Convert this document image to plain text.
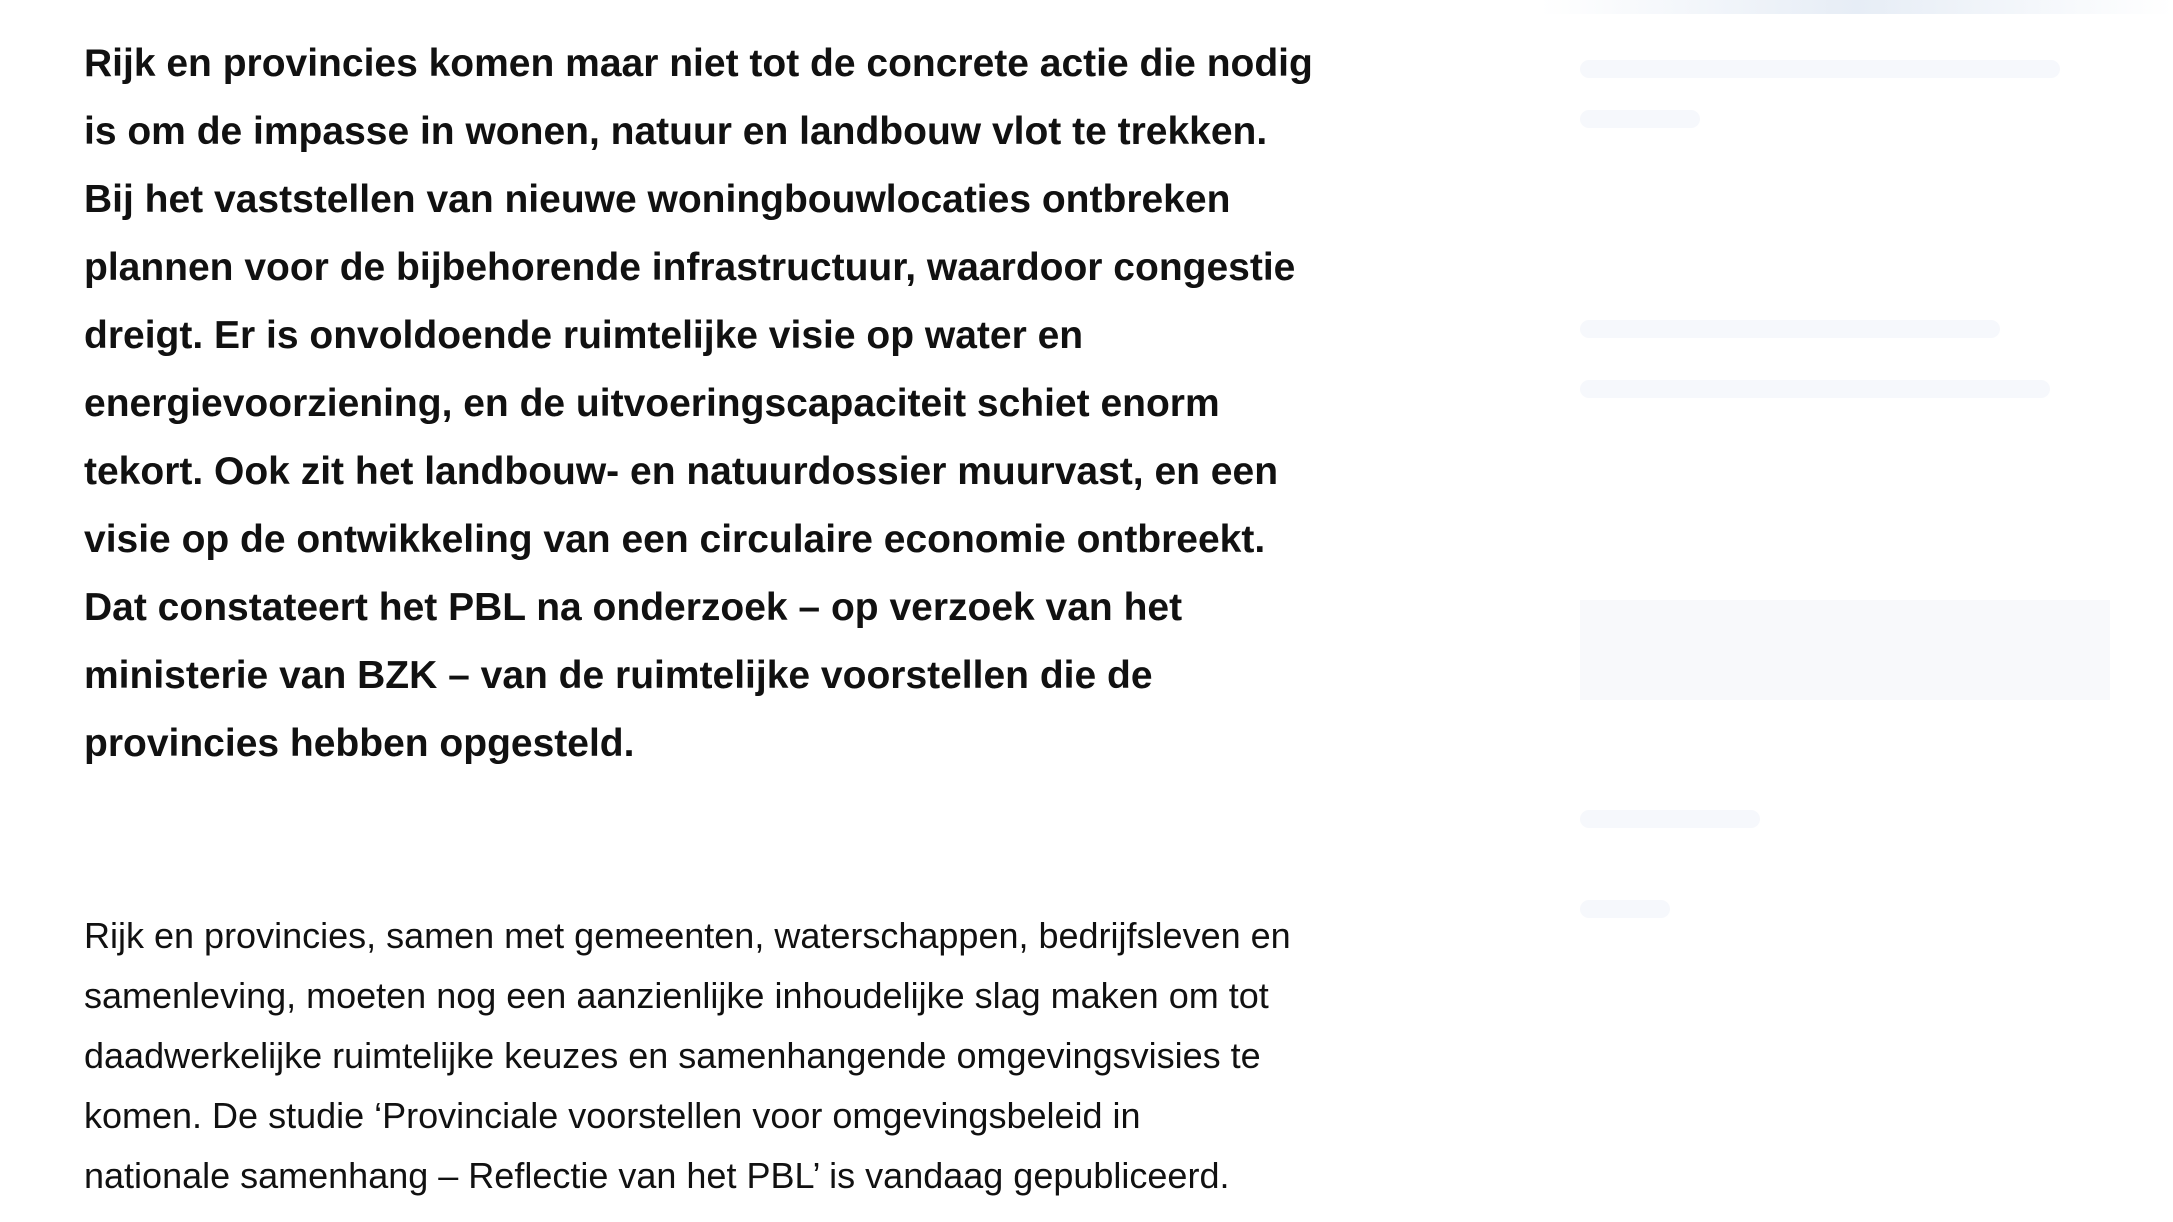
Rijk en provincies komen maar niet tot de concrete actie die nodig
is om de impasse in wonen, natuur en landbouw vlot te trekken.
Bij het vaststellen van nieuwe woningbouwlocaties ontbreken
plannen voor de bijbehorende infrastructuur, waardoor congestie
dreigt. Er is onvoldoende ruimtelijke visie op water en
energievoorziening, en de uitvoeringscapaciteit schiet enorm
tekort. Ook zit het landbouw- en natuurdossier muurvast, en een
visie op de ontwikkeling van een circulaire economie ontbreekt.
Dat constateert het PBL na onderzoek – op verzoek van het
ministerie van BZK – van de ruimtelijke voorstellen die de
provincies hebben opgesteld.

Rijk en provincies, samen met gemeenten, waterschappen, bedrijfsleven en
samenleving, moeten nog een aanzienlijke inhoudelijke slag maken om tot
daadwerkelijke ruimtelijke keuzes en samenhangende omgevingsvisies te
komen. De studie ‘Provinciale voorstellen voor omgevingsbeleid in
nationale samenhang – Reflectie van het PBL’ is vandaag gepubliceerd.
